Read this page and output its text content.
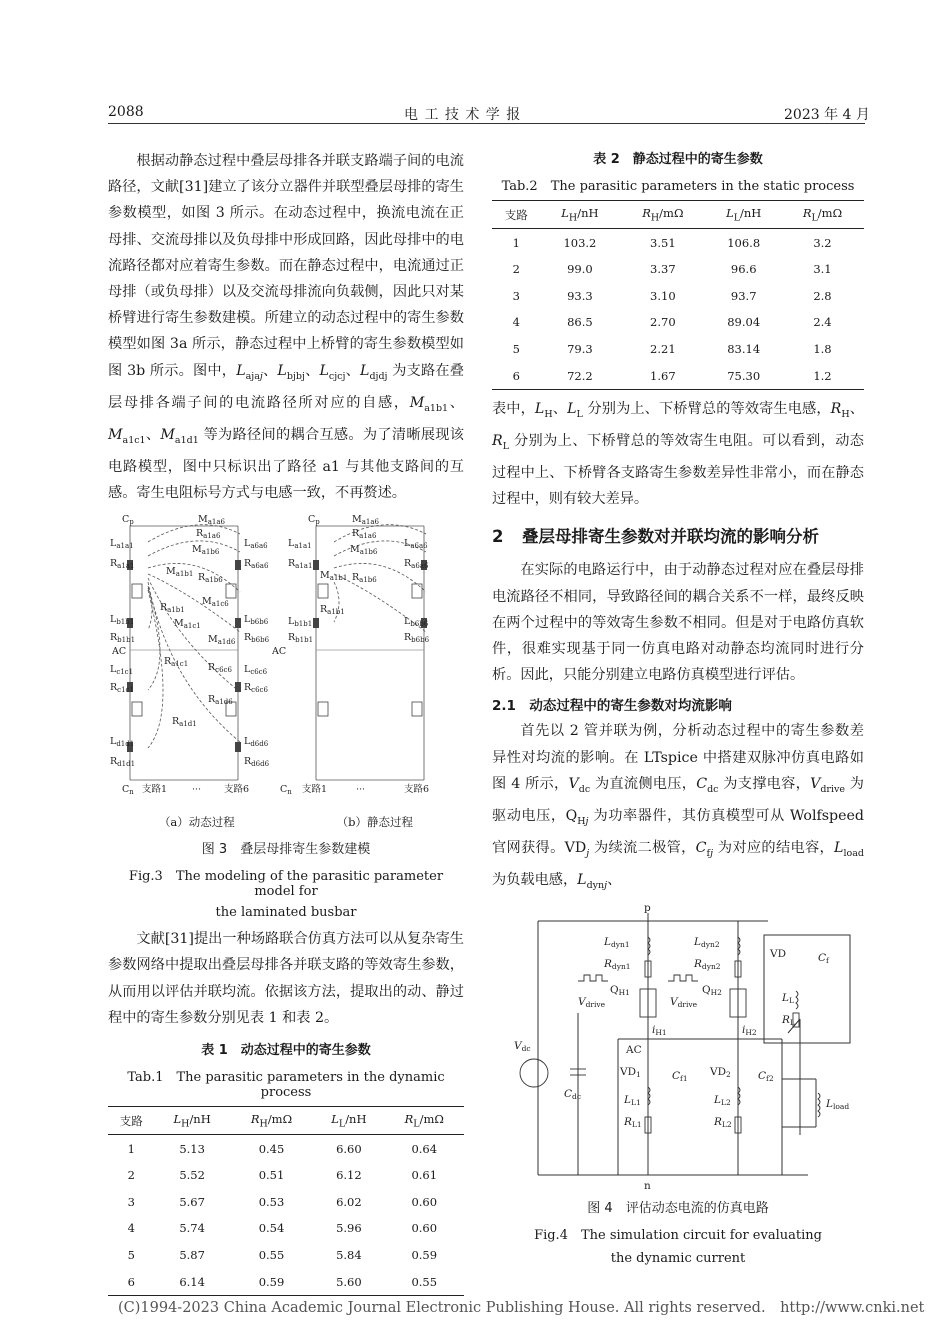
2088	电 工 技 术 学 报	2023 年 4 月

根据动静态过程中叠层母排各并联支路端子间的电流路径，文献[31]建立了该分立器件并联型叠层母排的寄生参数模型，如图 3 所示。在动态过程中，换流电流在正母排、交流母排以及负母排中形成回路，因此母排中的电流路径都对应着寄生参数。而在静态过程中，电流通过正母排（或负母排）以及交流母排流向负载侧，因此只对某桥臂进行寄生参数建模。所建立的动态过程中的寄生参数模型如图 3a 所示，静态过程中上桥臂的寄生参数模型如图 3b 所示。图中，$L_{ajaj}$、$L_{bjbj}$、$L_{cjcj}$、$L_{djdj}$ 为支路在叠层母排各端子间的电流路径所对应的自感，$M_{a1b1}$、$M_{a1c1}$、$M_{a1d1}$ 等为路径间的耦合互感。为了清晰展现该电路模型，图中只标识出了路径 a1 与其他支路间的互感。寄生电阻标号方式与电感一致，不再赘述。

$C_p$	$M_{a1a6}$
$R_{a1a6}$
$L_{a1a1}$	$L_{a6a6}$
$R_{a1a1}$
$M_{a1b6}$
$R_{a6a6}$
$M_{a1b1}$ $R_{a1b6}$
$R_{a1b1}$
$M_{a1c6}$
$L_{b1b1}$	$L_{b6b6}$
$R_{b1b1}$	$R_{b6b6}$
$M_{a1d6}$
AC
$M_{a1c1}$
$R_{a1c1}$ $R_{c6c6}$
$L_{c1c1}$	$L_{c6c6}$
$R_{c1c1}$	$R_{c6c6}$
$R_{a1d6}$
$R_{a1d1}$
$L_{d1d1}$	$L_{d6d6}$
$R_{d1d1}$	$R_{d6d6}$
$C_n$ 支路1	··· 支路6
$C_p$	$M_{a1a6}$
$R_{a1a6}$
$L_{a1a1}$	$L_{a6a6}$
$R_{a1a1}$
$M_{a1b6}$
$R_{a6a6}$
$M_{a1b1}$ $R_{a1b6}$
$L_{b1b1}$
$R_{a1b1}$
$L_{b6b6}$
$R_{b1b1}$	$R_{b6b6}$
AC
$C_n$ 支路1	···	支路6
（a）动态过程	（b）静态过程
图 3　叠层母排寄生参数建模
Fig.3　The modeling of the parasitic parameter model for
the laminated busbar

文献[31]提出一种场路联合仿真方法可以从复杂寄生参数网络中提取出叠层母排各并联支路的等效寄生参数，从而用以评估并联均流。依据该方法，提取出的动、静过程中的寄生参数分别见表 1 和表 2。

表 1　动态过程中的寄生参数
Tab.1　The parasitic parameters in the dynamic process
支路	$L_H/nH$	$R_H/m\Omega$	$L_L/nH$	$R_L/m\Omega$
1	5.13	0.45	6.60	0.64
2	5.52	0.51	6.12	0.61
3	5.67	0.53	6.02	0.60
4	5.74	0.54	5.96	0.60
5	5.87	0.55	5.84	0.59
6	6.14	0.59	5.60	0.55
表 2　静态过程中的寄生参数
Tab.2　The parasitic parameters in the static process
支路	$L_H/nH$	$R_H/m\Omega$	$L_L/nH$	$R_L/m\Omega$
1	103.2	3.51	106.8	3.2
2	99.0	3.37	96.6	3.1
3	93.3	3.10	93.7	2.8
4	86.5	2.70	89.04	2.4
5	79.3	2.21	83.14	1.8
6	72.2	1.67	75.30	1.2

表中，$L_H$、$L_L$ 分别为上、下桥臂总的等效寄生电感，$R_H$、$R_L$ 分别为上、下桥臂总的等效寄生电阻。可以看到，动态过程中上、下桥臂各支路寄生参数差异性非常小，而在静态过程中，则有较大差异。

2	叠层母排寄生参数对并联均流的影响分析

在实际的电路运行中，由于动静态过程对应在叠层母排电流路径不相同，导致路径间的耦合关系不一样，最终反映在两个过程中的等效寄生参数不相同。但是对于电路仿真软件，很难实现基于同一仿真电路对动静态均流同时进行分析。因此，只能分别建立电路仿真模型进行评估。

2.1　动态过程中的寄生参数对均流影响

首先以 2 管并联为例，分析动态过程中的寄生参数差异性对均流的影响。在 LTspice 中搭建双脉冲仿真电路如图 4 所示，$V_{dc}$ 为直流侧电压，$C_{dc}$ 为支撑电容，$V_{drive}$ 为驱动电压，$Q_{Hj}$ 为功率器件，其仿真模型可从 Wolfspeed 官网获得。$VD_j$ 为续流二极管，$C_{fj}$ 为对应的结电容，$L_{load}$ 为负载电感，$L_{dynj}$、

p
Ldyn1
Rdyn1
Ldyn2
Rdyn2
VD	Cf
LL
RL
QH1	QH2
Vdrive	Vdrive
Vdc
Cdc
iH1	iH2
AC
VD1	Cf1
VD2	Cf2
Lload
LL1
RL1
LL2
RL2
n
图 4　评估动态电流的仿真电路
Fig.4　The simulation circuit for evaluating
the dynamic current
(C)1994-2023 China Academic Journal Electronic Publishing House. All rights reserved.　http://www.cnki.net
